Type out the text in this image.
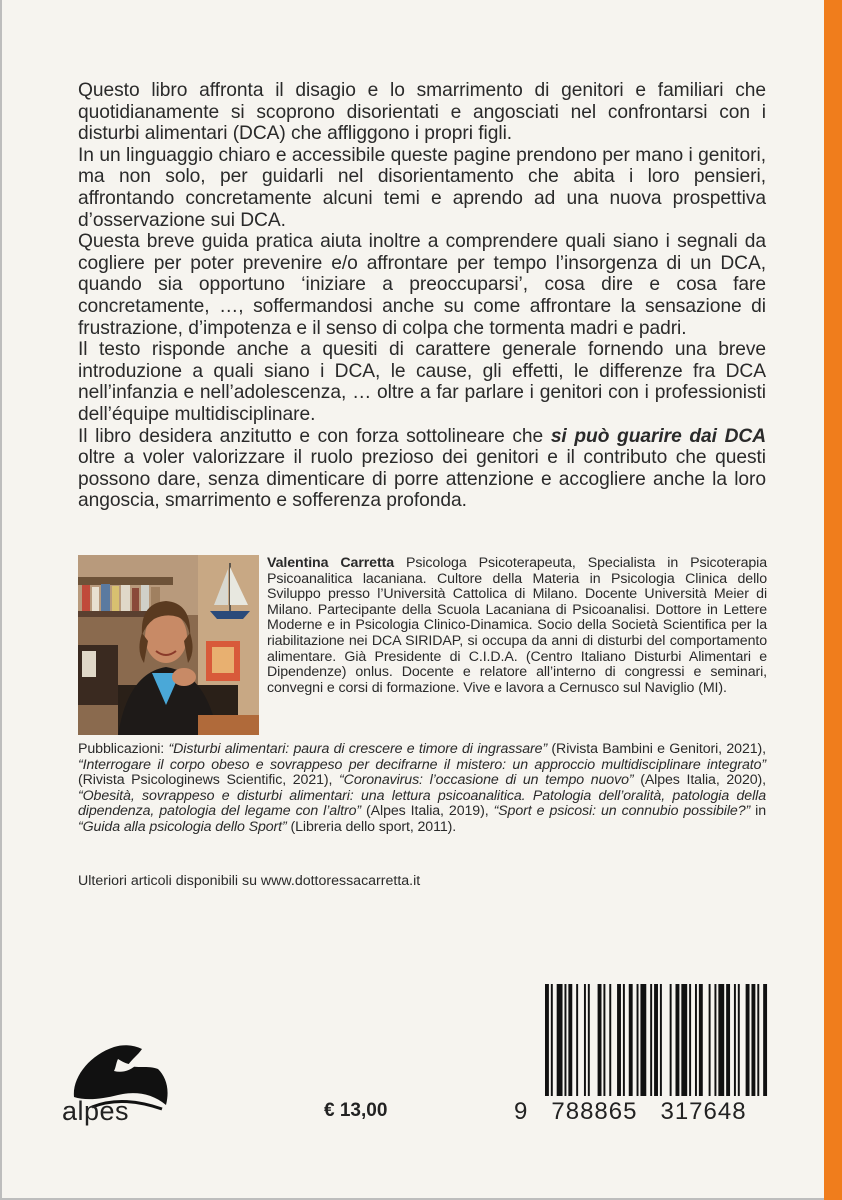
Questo libro affronta il disagio e lo smarrimento di genitori e familiari che quotidianamente si scoprono disorientati e angosciati nel confrontarsi con i disturbi alimentari (DCA) che affliggono i propri figli.

In un linguaggio chiaro e accessibile queste pagine prendono per mano i genitori, ma non solo, per guidarli nel disorientamento che abita i loro pensieri, affrontando concretamente alcuni temi e aprendo ad una nuova prospettiva d’osservazione sui DCA.

Questa breve guida pratica aiuta inoltre a comprendere quali siano i segnali da cogliere per poter prevenire e/o affrontare per tempo l’insorgenza di un DCA, quando sia opportuno ‘iniziare a preoccuparsi’, cosa dire e cosa fare concretamente, …, soffermandosi anche su come affrontare la sensazione di frustrazione, d’impotenza e il senso di colpa che tormenta madri e padri.

Il testo risponde anche a quesiti di carattere generale fornendo una breve introduzione a quali siano i DCA, le cause, gli effetti, le differenze fra DCA nell’infanzia e nell’adolescenza, … oltre a far parlare i genitori con i professionisti dell’équipe multidisciplinare.

Il libro desidera anzitutto e con forza sottolineare che si può guarire dai DCA oltre a voler valorizzare il ruolo prezioso dei genitori e il contributo che questi possono dare, senza dimenticare di porre attenzione e accogliere anche la loro angoscia, smarrimento e sofferenza profonda.

Valentina Carretta Psicologa Psicoterapeuta, Specialista in Psicoterapia Psicoanalitica lacaniana. Cultore della Materia in Psicologia Clinica dello Sviluppo presso l’Università Cattolica di Milano. Docente Università Meier di Milano. Partecipante della Scuola Lacaniana di Psicoanalisi. Dottore in Lettere Moderne e in Psicologia Clinico-Dinamica. Socio della Società Scientifica per la riabilitazione nei DCA SIRIDAP, si occupa da anni di disturbi del comportamento alimentare. Già Presidente di C.I.D.A. (Centro Italiano Disturbi Alimentari e Dipendenze) onlus. Docente e relatore all’interno di congressi e seminari, convegni e corsi di formazione. Vive e lavora a Cernusco sul Naviglio (MI).

Pubblicazioni: “Disturbi alimentari: paura di crescere e timore di ingrassare” (Rivista Bambini e Genitori, 2021), “Interrogare il corpo obeso e sovrappeso per decifrarne il mistero: un approccio multidisciplinare integrato” (Rivista Psicologinews Scientific, 2021), “Coronavirus: l’occasione di un tempo nuovo” (Alpes Italia, 2020), “Obesità, sovrappeso e disturbi alimentari: una lettura psicoanalitica. Patologia dell’oralità, patologia della dipendenza, patologia del legame con l’altro” (Alpes Italia, 2019), “Sport e psicosi: un connubio possibile?” in “Guida alla psicologia dello Sport” (Libreria dello sport, 2011).

Ulteriori articoli disponibili su www.dottoressacarretta.it
alpes	€ 13,00	9 788865 317648
